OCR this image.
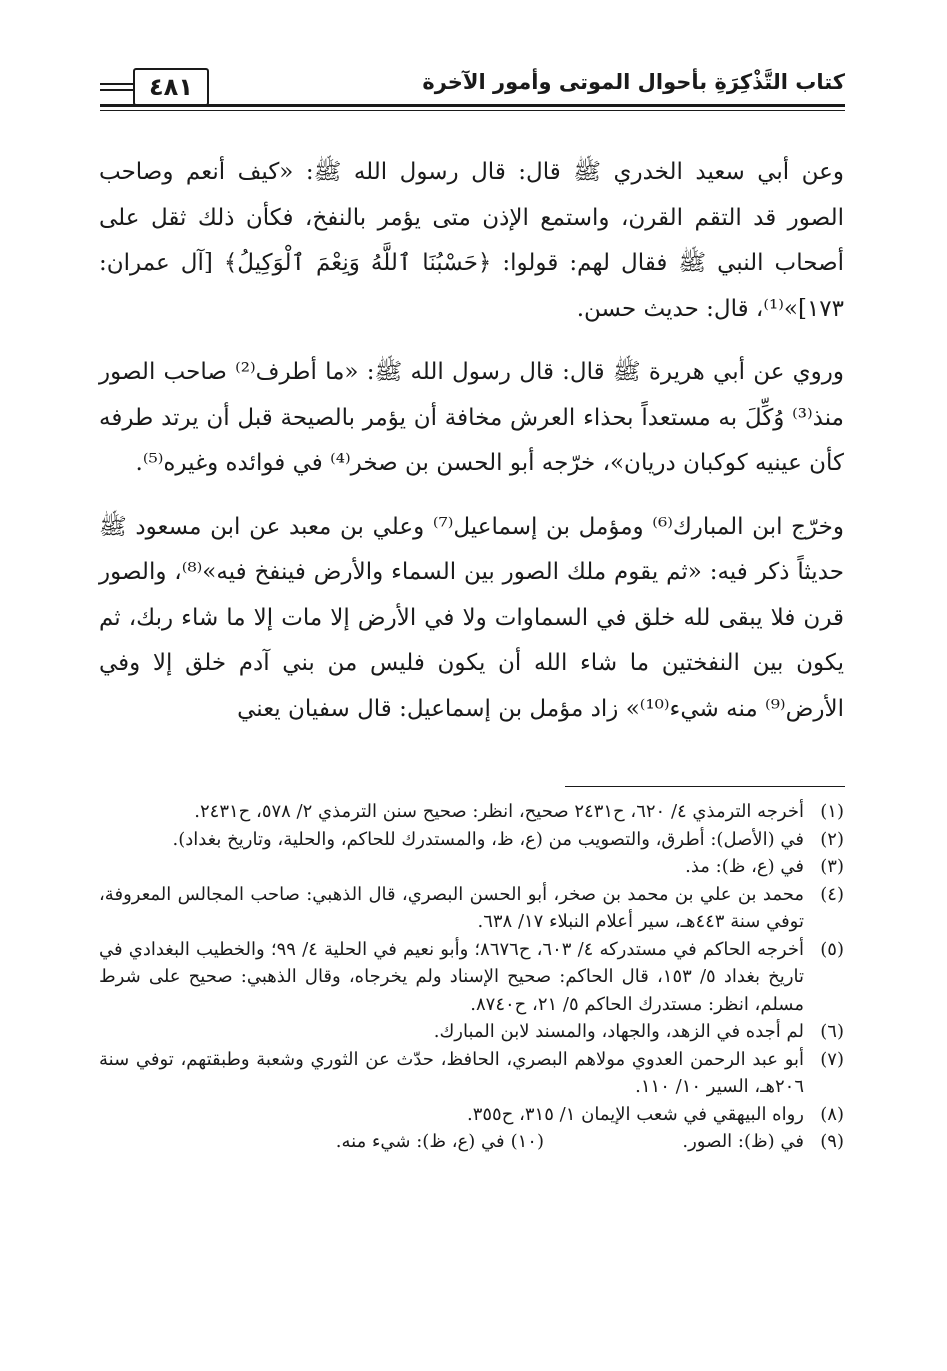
كتاب التَّذْكِرَةِ بأحوال الموتى وأمور الآخرة
٤٨١

وعن أبي سعيد الخدري ﷺ قال: قال رسول الله ﷺ: «كيف أنعم وصاحب الصور قد التقم القرن، واستمع الإذن متى يؤمر بالنفخ، فكأن ذلك ثقل على أصحاب النبي ﷺ فقال لهم: قولوا: ﴿حَسْبُنَا ٱللَّهُ وَنِعْمَ ٱلْوَكِيلُ﴾ [آل عمران: ١٧٣]»⁽¹⁾، قال: حديث حسن.

وروي عن أبي هريرة ﷺ قال: قال رسول الله ﷺ: «ما أطرف⁽²⁾ صاحب الصور منذ⁽³⁾ وُكِّلَ به مستعداً بحذاء العرش مخافة أن يؤمر بالصيحة قبل أن يرتد طرفه كأن عينيه كوكبان دريان»، خرّجه أبو الحسن بن صخر⁽⁴⁾ في فوائده وغيره⁽⁵⁾.

وخرّج ابن المبارك⁽⁶⁾ ومؤمل بن إسماعيل⁽⁷⁾ وعلي بن معبد عن ابن مسعود ﷺ حديثاً ذكر فيه: «ثم يقوم ملك الصور بين السماء والأرض فينفخ فيه»⁽⁸⁾، والصور قرن فلا يبقى لله خلق في السماوات ولا في الأرض إلا مات إلا ما شاء ربك، ثم يكون بين النفختين ما شاء الله أن يكون فليس من بني آدم خلق إلا وفي الأرض⁽⁹⁾ منه شيء⁽¹⁰⁾» زاد مؤمل بن إسماعيل: قال سفيان يعني

(١)
أخرجه الترمذي ٤/ ٦٢٠، ح٢٤٣١ صحيح، انظر: صحيح سنن الترمذي ٢/ ٥٧٨، ح٢٤٣١.
(٢)
في (الأصل): أطرق، والتصويب من (ع، ظ، والمستدرك للحاكم، والحلية، وتاريخ بغداد).
(٣)
في (ع، ظ): مذ.
(٤)
محمد بن علي بن محمد بن صخر، أبو الحسن البصري، قال الذهبي: صاحب المجالس المعروفة، توفي سنة ٤٤٣هـ، سير أعلام النبلاء ١٧/ ٦٣٨.
(٥)
أخرجه الحاكم في مستدركه ٤/ ٦٠٣، ح٨٦٧٦؛ وأبو نعيم في الحلية ٤/ ٩٩؛ والخطيب البغدادي في تاريخ بغداد ٥/ ١٥٣، قال الحاكم: صحيح الإسناد ولم يخرجاه، وقال الذهبي: صحيح على شرط مسلم، انظر: مستدرك الحاكم ٥/ ٢١، ح٨٧٤٠.
(٦)
لم أجده في الزهد، والجهاد، والمسند لابن المبارك.
(٧)
أبو عبد الرحمن العدوي مولاهم البصري، الحافظ، حدّث عن الثوري وشعبة وطبقتهم، توفي سنة ٢٠٦هـ، السير ١٠/ ١١٠.
(٨)
رواه البيهقي في شعب الإيمان ١/ ٣١٥، ح٣٥٥.
(٩)
في (ظ): الصور.
(١٠)
في (ع، ظ): شيء منه.
